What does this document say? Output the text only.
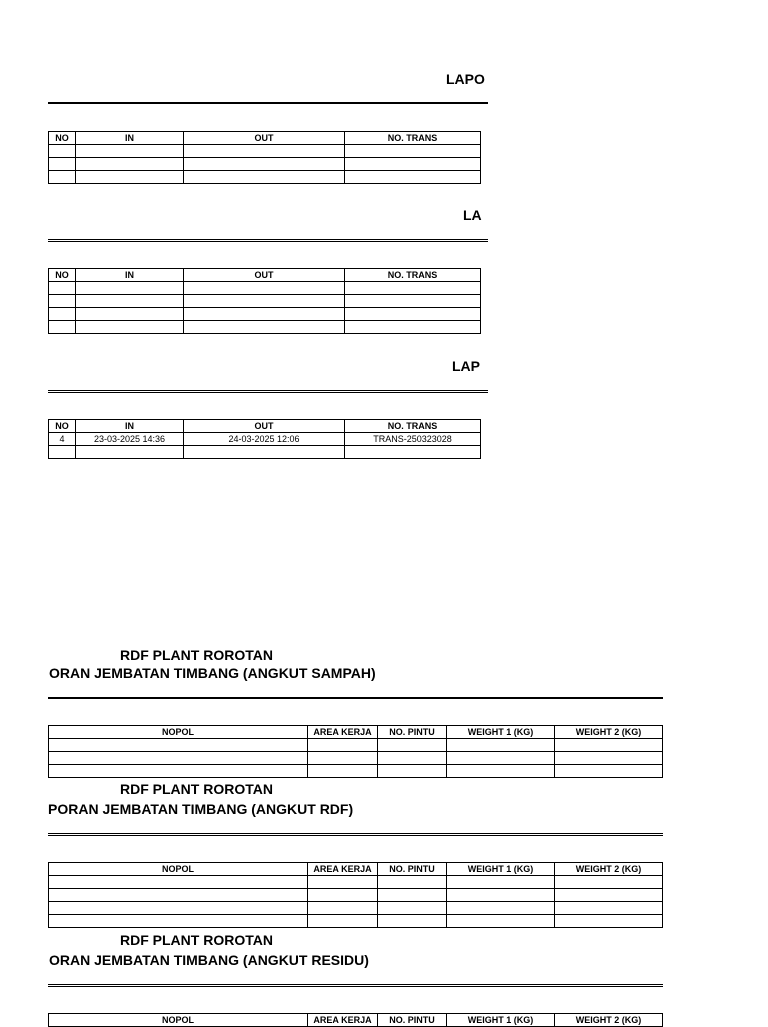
LAPO
NO	IN	OUT	NO. TRANS

LA
NO	IN	OUT	NO. TRANS

LAP
NO	IN	OUT	NO. TRANS
4	23-03-2025 14:36	24-03-2025 12:06	TRANS-250323028

RDF PLANT ROROTAN
ORAN JEMBATAN TIMBANG (ANGKUT SAMPAH)
NOPOL	AREA KERJA	NO. PINTU	WEIGHT 1 (KG)	WEIGHT 2 (KG)

RDF PLANT ROROTAN
PORAN JEMBATAN TIMBANG (ANGKUT RDF)
NOPOL	AREA KERJA	NO. PINTU	WEIGHT 1 (KG)	WEIGHT 2 (KG)

RDF PLANT ROROTAN
ORAN JEMBATAN TIMBANG (ANGKUT RESIDU)
NOPOL	AREA KERJA	NO. PINTU	WEIGHT 1 (KG)	WEIGHT 2 (KG)
